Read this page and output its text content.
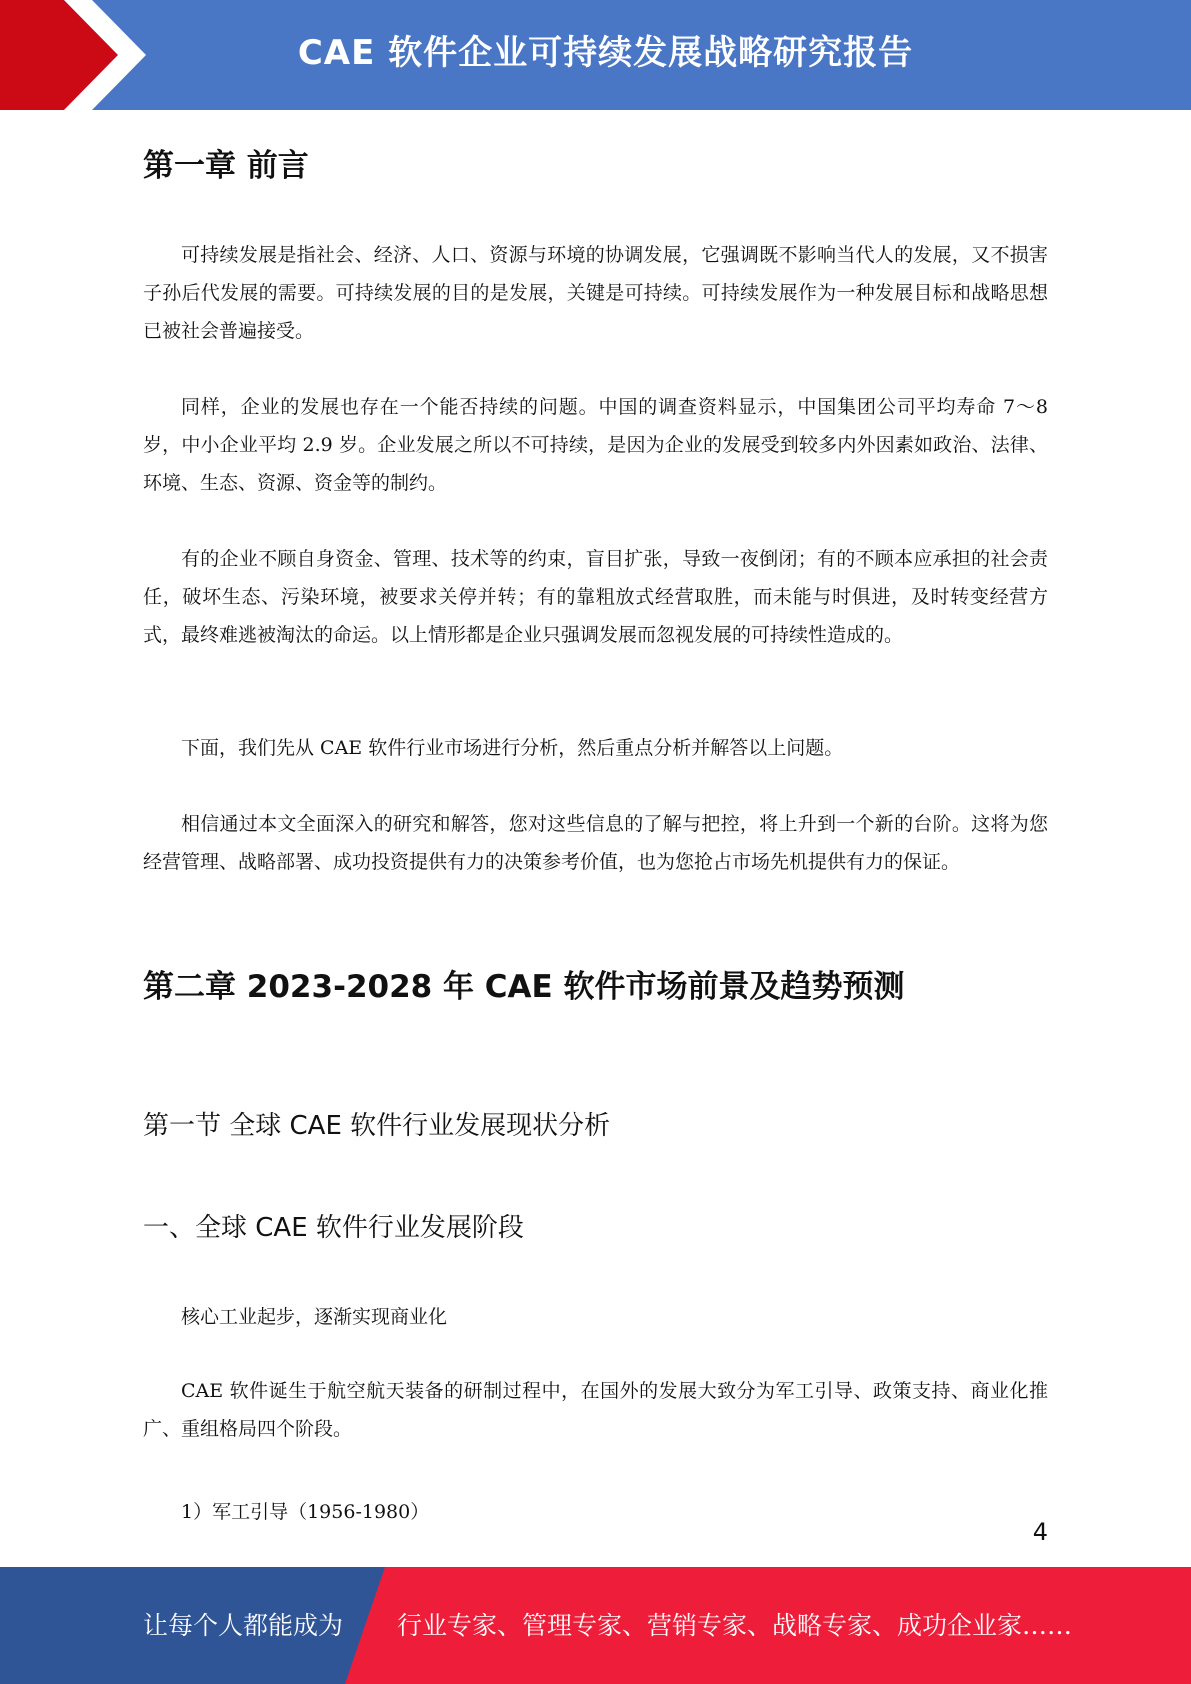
CAE 软件企业可持续发展战略研究报告
第一章 前言

可持续发展是指社会、经济、人口、资源与环境的协调发展，它强调既不影响当代人的发展，又不损害子孙后代发展的需要。可持续发展的目的是发展，关键是可持续。可持续发展作为一种发展目标和战略思想已被社会普遍接受。

同样，企业的发展也存在一个能否持续的问题。中国的调查资料显示，中国集团公司平均寿命 7～8 岁，中小企业平均 2.9 岁。企业发展之所以不可持续，是因为企业的发展受到较多内外因素如政治、法律、环境、生态、资源、资金等的制约。

有的企业不顾自身资金、管理、技术等的约束，盲目扩张，导致一夜倒闭；有的不顾本应承担的社会责任，破坏生态、污染环境，被要求关停并转；有的靠粗放式经营取胜，而未能与时俱进，及时转变经营方式，最终难逃被淘汰的命运。以上情形都是企业只强调发展而忽视发展的可持续性造成的。

下面，我们先从 CAE 软件行业市场进行分析，然后重点分析并解答以上问题。

相信通过本文全面深入的研究和解答，您对这些信息的了解与把控，将上升到一个新的台阶。这将为您经营管理、战略部署、成功投资提供有力的决策参考价值，也为您抢占市场先机提供有力的保证。

第二章 2023-2028 年 CAE 软件市场前景及趋势预测
第一节 全球 CAE 软件行业发展现状分析
一、全球 CAE 软件行业发展阶段

核心工业起步，逐渐实现商业化

CAE 软件诞生于航空航天装备的研制过程中，在国外的发展大致分为军工引导、政策支持、商业化推广、重组格局四个阶段。

1）军工引导（1956-1980）

4
让每个人都能成为 行业专家、管理专家、营销专家、战略专家、成功企业家……
